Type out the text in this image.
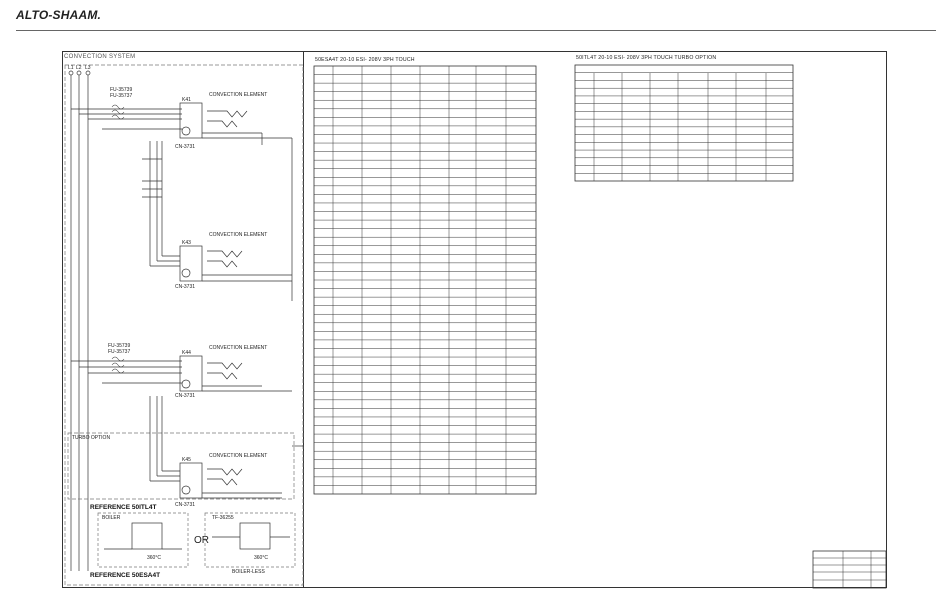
ALTO-SHAAM.
CONVECTION SYSTEM	50ESA4T 20-10 ESI- 208V 3PH TOUCH	50ITL4T 20-10 ESI- 208V 3PH TOUCH TURBO OPTION
L1 L2 L3
K41
K43
K44
K45
CONVECTION ELEMENT
CONVECTION ELEMENT
CONVECTION ELEMENT
CONVECTION ELEMENT
CN-3731
CN-3731
CN-3731
CN-3731
FU-35739
FU-35737
FU-35739
FU-35737
TURBO OPTION
BOILER	TF-36255
360°C	360°C
BOILER-LESS
REFERENCE 50ITL4T
REFERENCE 50ESA4T
OR
